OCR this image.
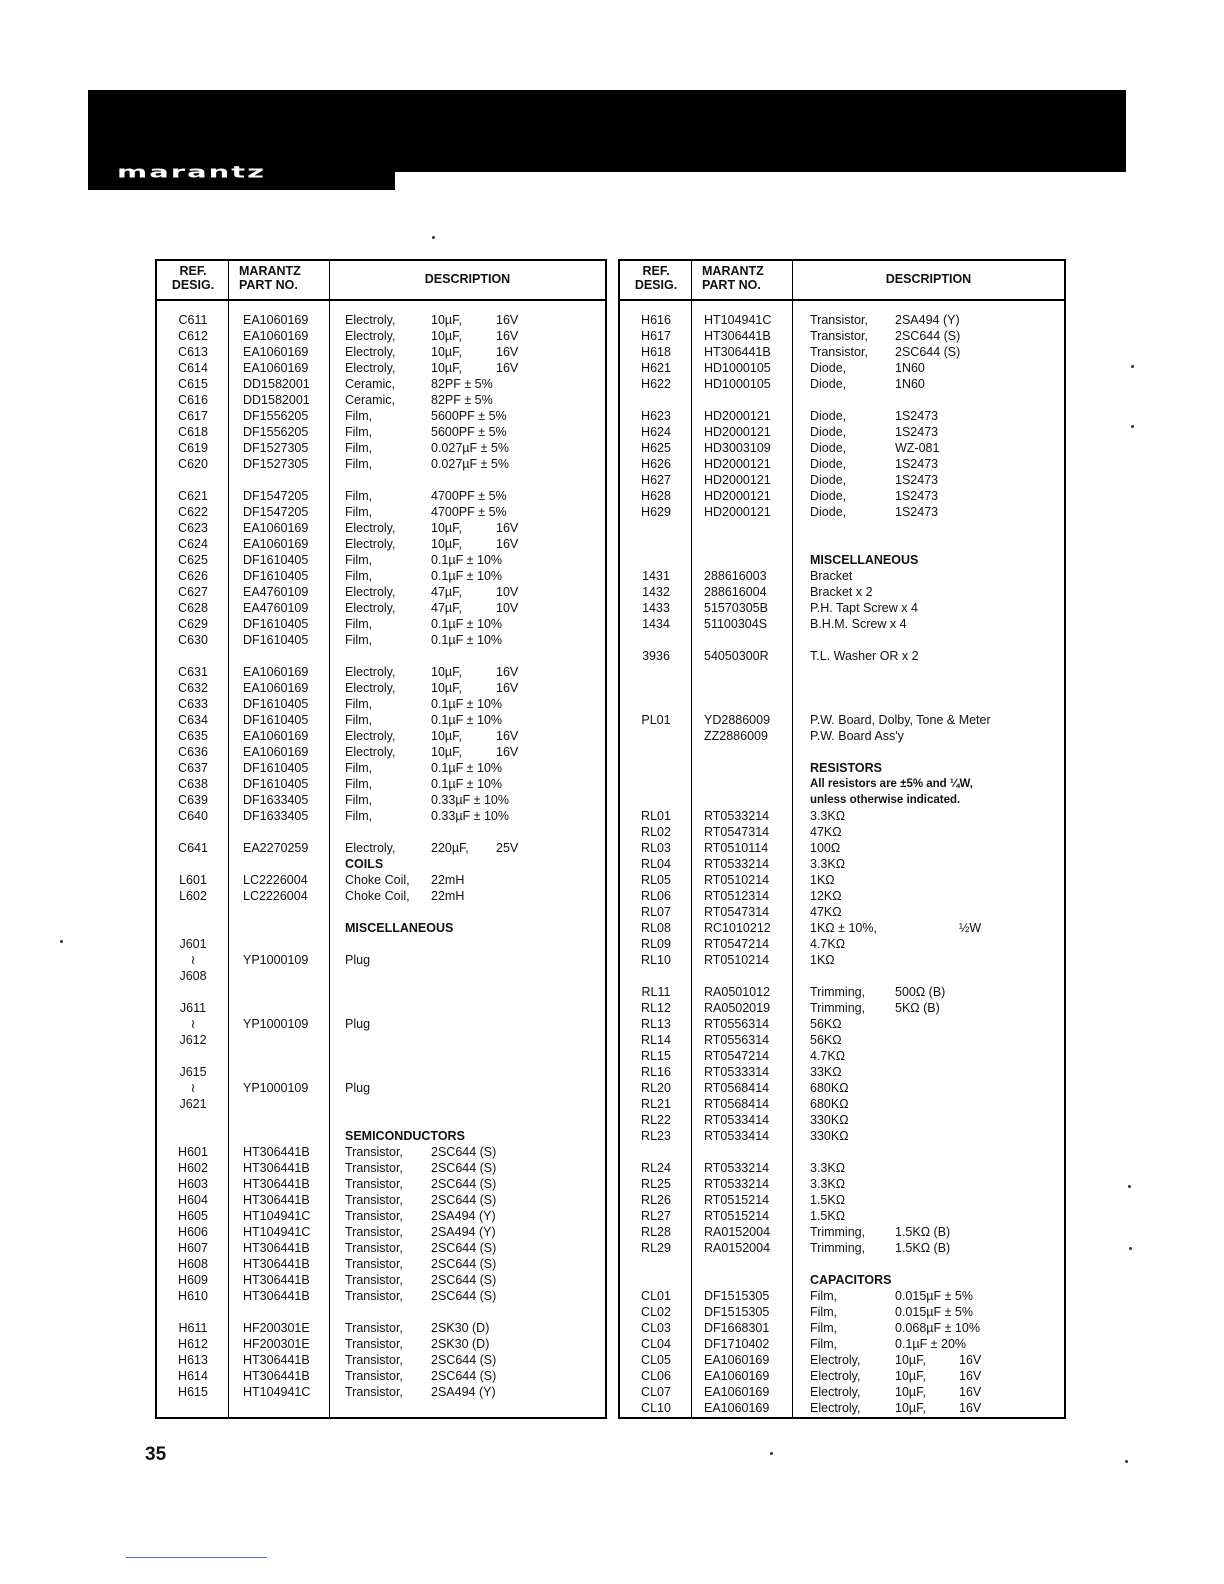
marantz
REF.
DESIG.
MARANTZ
PART NO.	DESCRIPTION
C611	EA1060169	Electroly,	10µF,	16V
C612	EA1060169	Electroly,	10µF,	16V
C613	EA1060169	Electroly,	10µF,	16V
C614	EA1060169	Electroly,	10µF,	16V
C615	DD1582001	Ceramic,	82PF ± 5%
C616	DD1582001	Ceramic,	82PF ± 5%
C617	DF1556205	Film,	5600PF ± 5%
C618	DF1556205	Film,	5600PF ± 5%
C619	DF1527305	Film,	0.027µF ± 5%
C620	DF1527305	Film,	0.027µF ± 5%
C621	DF1547205	Film,	4700PF ± 5%
C622	DF1547205	Film,	4700PF ± 5%
C623	EA1060169	Electroly,	10µF,	16V
C624	EA1060169	Electroly,	10µF,	16V
C625	DF1610405	Film,	0.1µF ± 10%
C626	DF1610405	Film,	0.1µF ± 10%
C627	EA4760109	Electroly,	47µF,	10V
C628	EA4760109	Electroly,	47µF,	10V
C629	DF1610405	Film,	0.1µF ± 10%
C630	DF1610405	Film,	0.1µF ± 10%
C631	EA1060169	Electroly,	10µF,	16V
C632	EA1060169	Electroly,	10µF,	16V
C633	DF1610405	Film,	0.1µF ± 10%
C634	DF1610405	Film,	0.1µF ± 10%
C635	EA1060169	Electroly,	10µF,	16V
C636	EA1060169	Electroly,	10µF,	16V
C637	DF1610405	Film,	0.1µF ± 10%
C638	DF1610405	Film,	0.1µF ± 10%
C639	DF1633405	Film,	0.33µF ± 10%
C640	DF1633405	Film,	0.33µF ± 10%
C641	EA2270259	Electroly,	220µF, 25V
COILS
L601	LC2226004	Choke Coil, 22mH
L602	LC2226004	Choke Coil, 22mH
MISCELLANEOUS
J601
≀	YP1000109	Plug
J608
J611
≀	YP1000109	Plug
J612
J615
≀	YP1000109	Plug
J621
SEMICONDUCTORS
H601	HT306441B	Transistor, 2SC644 (S)
H602	HT306441B	Transistor, 2SC644 (S)
H603	HT306441B	Transistor, 2SC644 (S)
H604	HT306441B	Transistor, 2SC644 (S)
H605	HT104941C	Transistor, 2SA494 (Y)
H606	HT104941C	Transistor, 2SA494 (Y)
H607	HT306441B	Transistor, 2SC644 (S)
H608	HT306441B	Transistor, 2SC644 (S)
H609	HT306441B	Transistor, 2SC644 (S)
H610	HT306441B	Transistor, 2SC644 (S)
H611	HF200301E	Transistor, 2SK30 (D)
H612	HF200301E	Transistor, 2SK30 (D)
H613	HT306441B	Transistor, 2SC644 (S)
H614	HT306441B	Transistor, 2SC644 (S)
H615	HT104941C	Transistor, 2SA494 (Y)
REF.
DESIG.
MARANTZ
PART NO.	DESCRIPTION
H616	HT104941C	Transistor, 2SA494 (Y)
H617	HT306441B	Transistor, 2SC644 (S)
H618	HT306441B	Transistor, 2SC644 (S)
H621	HD1000105	Diode,	1N60
H622	HD1000105	Diode,	1N60
H623	HD2000121	Diode,	1S2473
H624	HD2000121	Diode,	1S2473
H625	HD3003109	Diode,	WZ-081
H626	HD2000121	Diode,	1S2473
H627	HD2000121	Diode,	1S2473
H628	HD2000121	Diode,	1S2473
H629	HD2000121	Diode,	1S2473
MISCELLANEOUS
1431	288616003	Bracket
1432	288616004	Bracket x 2
1433	51570305B	P.H. Tapt Screw x 4
1434	51100304S	B.H.M. Screw x 4
3936	54050300R	T.L. Washer OR x 2
PL01	YD2886009	P.W. Board, Dolby, Tone & Meter
ZZ2886009	P.W. Board Ass'y
RESISTORS
All resistors are ±5% and ¼W,
unless otherwise indicated.
RL01	RT0533214	3.3KΩ
RL02	RT0547314	47KΩ
RL03	RT0510114	100Ω
RL04	RT0533214	3.3KΩ
RL05	RT0510214	1KΩ
RL06	RT0512314	12KΩ
RL07	RT0547314	47KΩ
RL08	RC1010212	1KΩ ± 10%,	½W
RL09	RT0547214	4.7KΩ
RL10	RT0510214	1KΩ
RL11	RA0501012	Trimming, 500Ω (B)
RL12	RA0502019	Trimming, 5KΩ (B)
RL13	RT0556314	56KΩ
RL14	RT0556314	56KΩ
RL15	RT0547214	4.7KΩ
RL16	RT0533314	33KΩ
RL20	RT0568414	680KΩ
RL21	RT0568414	680KΩ
RL22	RT0533414	330KΩ
RL23	RT0533414	330KΩ
RL24	RT0533214	3.3KΩ
RL25	RT0533214	3.3KΩ
RL26	RT0515214	1.5KΩ
RL27	RT0515214	1.5KΩ
RL28	RA0152004	Trimming, 1.5KΩ (B)
RL29	RA0152004	Trimming, 1.5KΩ (B)
CAPACITORS
CL01	DF1515305	Film,	0.015µF ± 5%
CL02	DF1515305	Film,	0.015µF ± 5%
CL03	DF1668301	Film,	0.068µF ± 10%
CL04	DF1710402	Film,	0.1µF ± 20%
CL05	EA1060169	Electroly,	10µF,	16V
CL06	EA1060169	Electroly,	10µF,	16V
CL07	EA1060169	Electroly,	10µF,	16V
CL10	EA1060169	Electroly,	10µF,	16V
35
